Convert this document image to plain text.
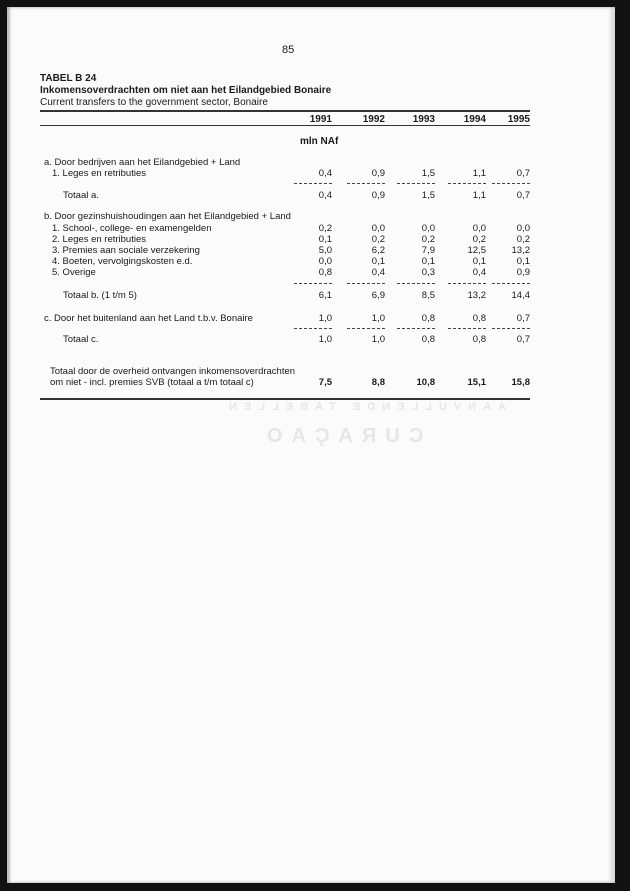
AANVULLENDE TABELLEN
CURAÇAO
85
TABEL B 24
Inkomensoverdrachten om niet aan het Eilandgebied Bonaire
Current transfers to the government sector, Bonaire
1991	1992	1993	1994	1995
mln NAf
a. Door bedrijven aan het Eilandgebied + Land
1. Leges en retributies	0,4	0,9	1,5	1,1	0,7
Totaal a.	0,4	0,9	1,5	1,1	0,7
b. Door gezinshuishoudingen aan het Eilandgebied + Land
1. School-, college- en examengelden	0,2	0,0	0,0	0,0	0,0
2. Leges en retributies	0,1	0,2	0,2	0,2	0,2
3. Premies aan sociale verzekering	5,0	6,2	7,9	12,5	13,2
4. Boeten, vervolgingskosten e.d.	0,0	0,1	0,1	0,1	0,1
5. Overige	0,8	0,4	0,3	0,4	0,9
Totaal b. (1 t/m 5)	6,1	6,9	8,5	13,2	14,4
c. Door het buitenland aan het Land t.b.v. Bonaire	1,0	1,0	0,8	0,8	0,7
Totaal c.	1,0	1,0	0,8	0,8	0,7
Totaal door de overheid ontvangen inkomensoverdrachten
om niet - incl. premies SVB (totaal a t/m totaal c)	7,5	8,8	10,8	15,1	15,8
